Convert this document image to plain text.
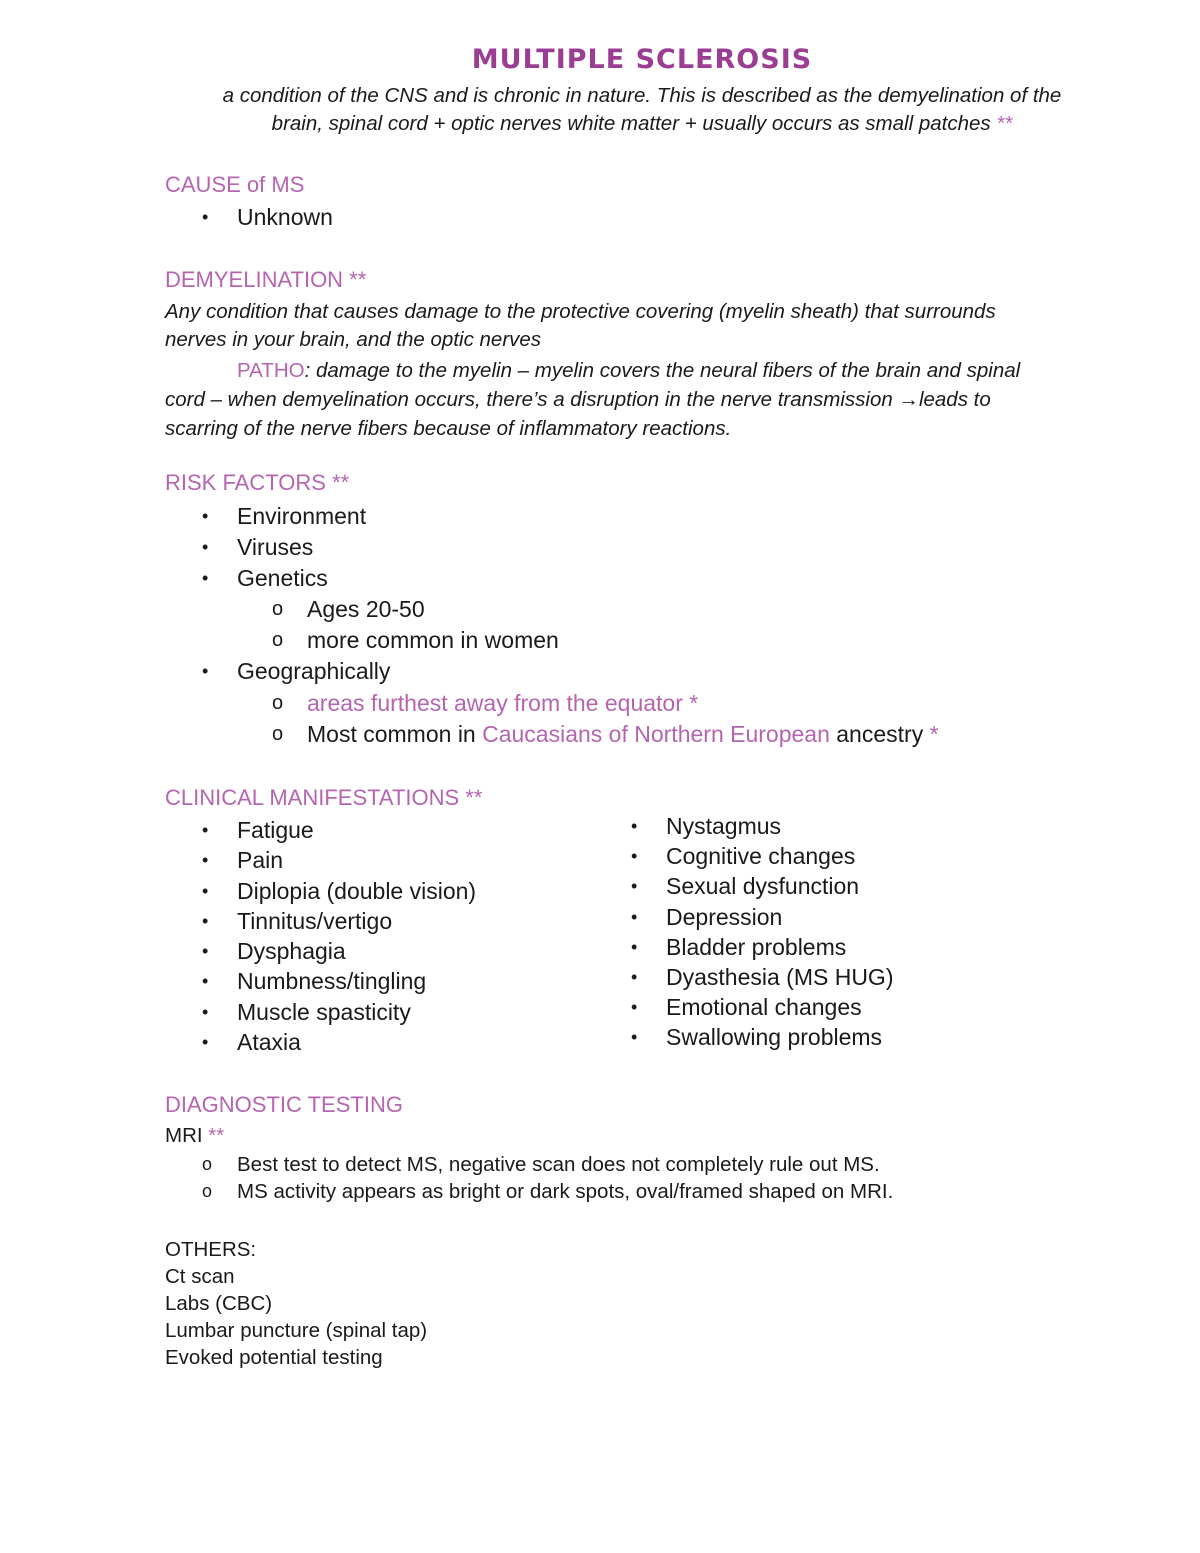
MULTIPLE SCLEROSIS
a condition of the CNS and is chronic in nature. This is described as the demyelination of the
brain, spinal cord + optic nerves white matter + usually occurs as small patches **
CAUSE of MS
• Unknown
DEMYELINATION **
Any condition that causes damage to the protective covering (myelin sheath) that surrounds
nerves in your brain, and the optic nerves
PATHO: damage to the myelin – myelin covers the neural fibers of the brain and spinal
cord – when demyelination occurs, there’s a disruption in the nerve transmission →leads to
scarring of the nerve fibers because of inflammatory reactions.
RISK FACTORS **
• Environment
• Viruses
• Genetics
o Ages 20-50
o more common in women
• Geographically
o areas furthest away from the equator *
o Most common in Caucasians of Northern European ancestry *
CLINICAL MANIFESTATIONS **
• Fatigue
• Pain
• Diplopia (double vision)
• Tinnitus/vertigo
• Dysphagia
• Numbness/tingling
• Muscle spasticity
• Ataxia
• Nystagmus
• Cognitive changes
• Sexual dysfunction
• Depression
• Bladder problems
• Dyasthesia (MS HUG)
• Emotional changes
• Swallowing problems
DIAGNOSTIC TESTING
MRI **
o Best test to detect MS, negative scan does not completely rule out MS.
o MS activity appears as bright or dark spots, oval/framed shaped on MRI.
OTHERS:
Ct scan
Labs (CBC)
Lumbar puncture (spinal tap)
Evoked potential testing
